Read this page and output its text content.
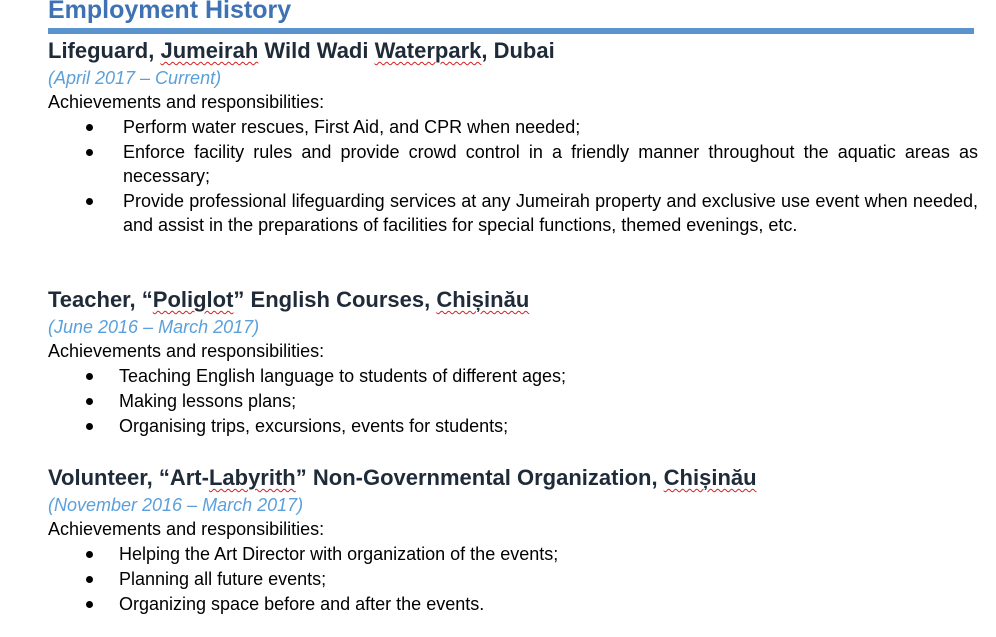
Employment History
Lifeguard, Jumeirah Wild Wadi Waterpark, Dubai
(April 2017 – Current)
Achievements and responsibilities:
Perform water rescues, First Aid, and CPR when needed;
Enforce facility rules and provide crowd control in a friendly manner throughout the aquatic areas as necessary;
Provide professional lifeguarding services at any Jumeirah property and exclusive use event when needed, and assist in the preparations of facilities for special functions, themed evenings, etc.
Teacher, “Poliglot” English Courses, Chișinău
(June 2016 – March 2017)
Achievements and responsibilities:
Teaching English language to students of different ages;
Making lessons plans;
Organising trips, excursions, events for students;
Volunteer, “Art-Labyrith” Non-Governmental Organization, Chișinău
(November 2016 – March 2017)
Achievements and responsibilities:
Helping the Art Director with organization of the events;
Planning all future events;
Organizing space before and after the events.
